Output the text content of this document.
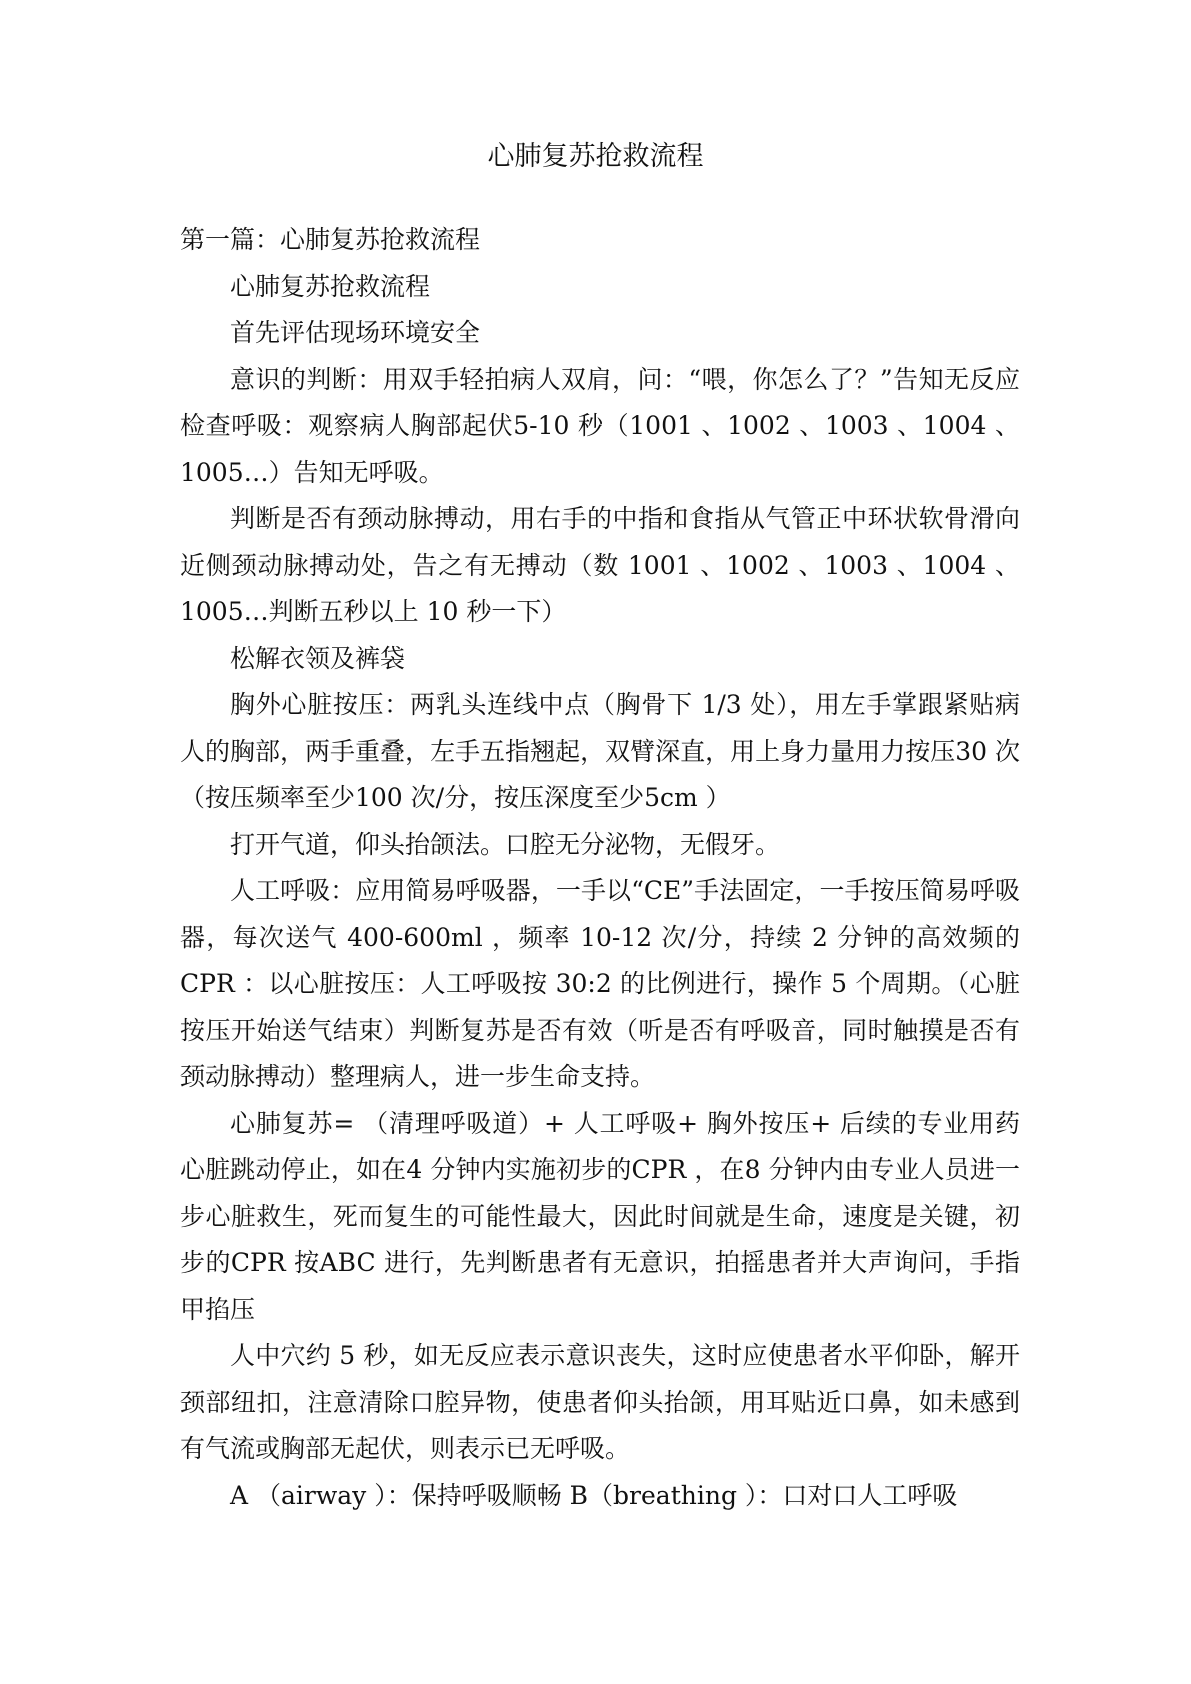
心肺复苏抢救流程

第一篇：心肺复苏抢救流程

心肺复苏抢救流程

首先评估现场环境安全

意识的判断：用双手轻拍病人双肩，问：“喂，你怎么了？”告知无反应 检查呼吸：观察病人胸部起伏5-10 秒（1001 、1002 、1003 、1004 、1005…）告知无呼吸。

判断是否有颈动脉搏动，用右手的中指和食指从气管正中环状软骨滑向近侧颈动脉搏动处，告之有无搏动（数 1001 、1002 、1003 、1004 、1005…判断五秒以上 10 秒一下）

松解衣领及裤袋

胸外心脏按压：两乳头连线中点（胸骨下 1/3 处），用左手掌跟紧贴病人的胸部，两手重叠，左手五指翘起，双臂深直，用上身力量用力按压30 次（按压频率至少100 次/分，按压深度至少5cm ）

打开气道，仰头抬颌法。口腔无分泌物，无假牙。

人工呼吸：应用简易呼吸器，一手以“CE”手法固定，一手按压简易呼吸器，每次送气 400-600ml ，频率 10-12 次/分，持续 2 分钟的高效频的CPR ：以心脏按压：人工呼吸按 30:2 的比例进行，操作 5 个周期。（心脏按压开始送气结束）判断复苏是否有效（听是否有呼吸音，同时触摸是否有颈动脉搏动）整理病人，进一步生命支持。

心肺复苏= （清理呼吸道）+ 人工呼吸+ 胸外按压+ 后续的专业用药 心脏跳动停止，如在4 分钟内实施初步的CPR ，在8 分钟内由专业人员进一步心脏救生，死而复生的可能性最大，因此时间就是生命，速度是关键，初步的CPR 按ABC 进行，先判断患者有无意识，拍摇患者并大声询问，手指甲掐压

人中穴约 5 秒，如无反应表示意识丧失，这时应使患者水平仰卧，解开颈部纽扣，注意清除口腔异物，使患者仰头抬颌，用耳贴近口鼻，如未感到有气流或胸部无起伏，则表示已无呼吸。

A （airway ）：保持呼吸顺畅 B（breathing ）：口对口人工呼吸
